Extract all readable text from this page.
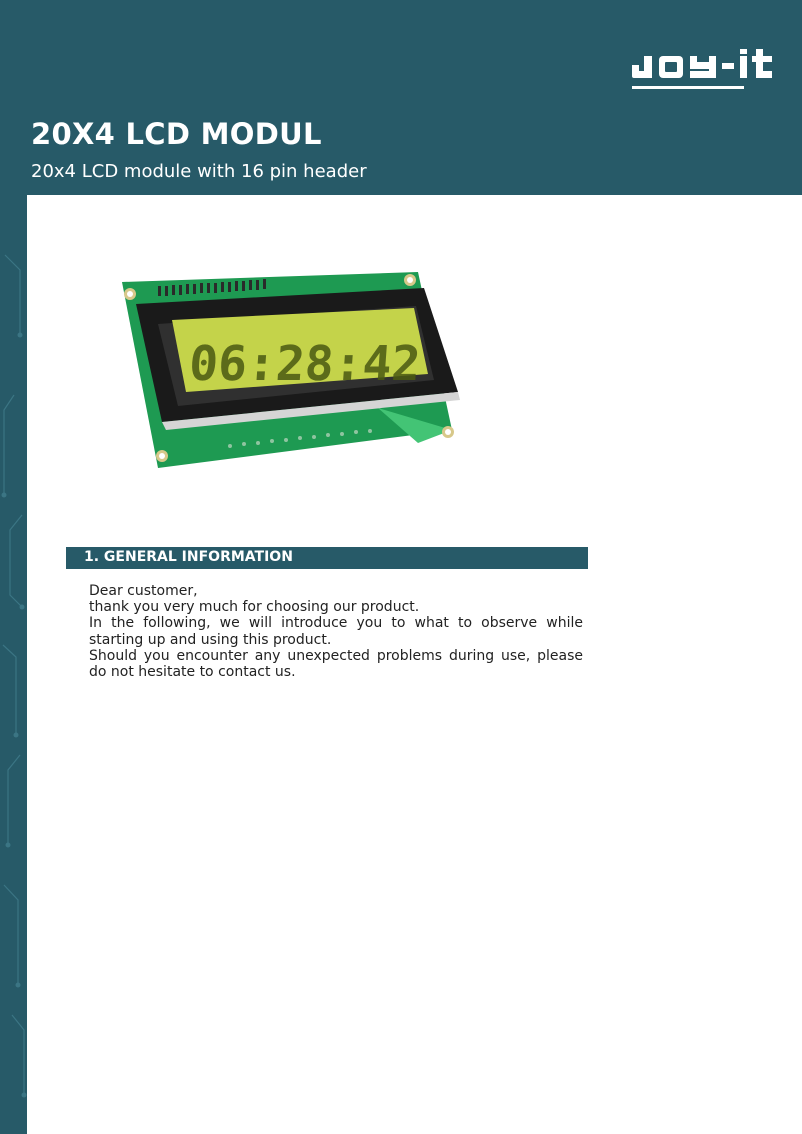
20X4 LCD MODUL
20x4 LCD module with 16 pin header
06:28:42
1. GENERAL INFORMATION

Dear customer,

thank you very much for choosing our product.

In the following, we will introduce you to what to observe while starting up and using this product.

Should you encounter any unexpected problems during use, please do not hesitate to contact us.
